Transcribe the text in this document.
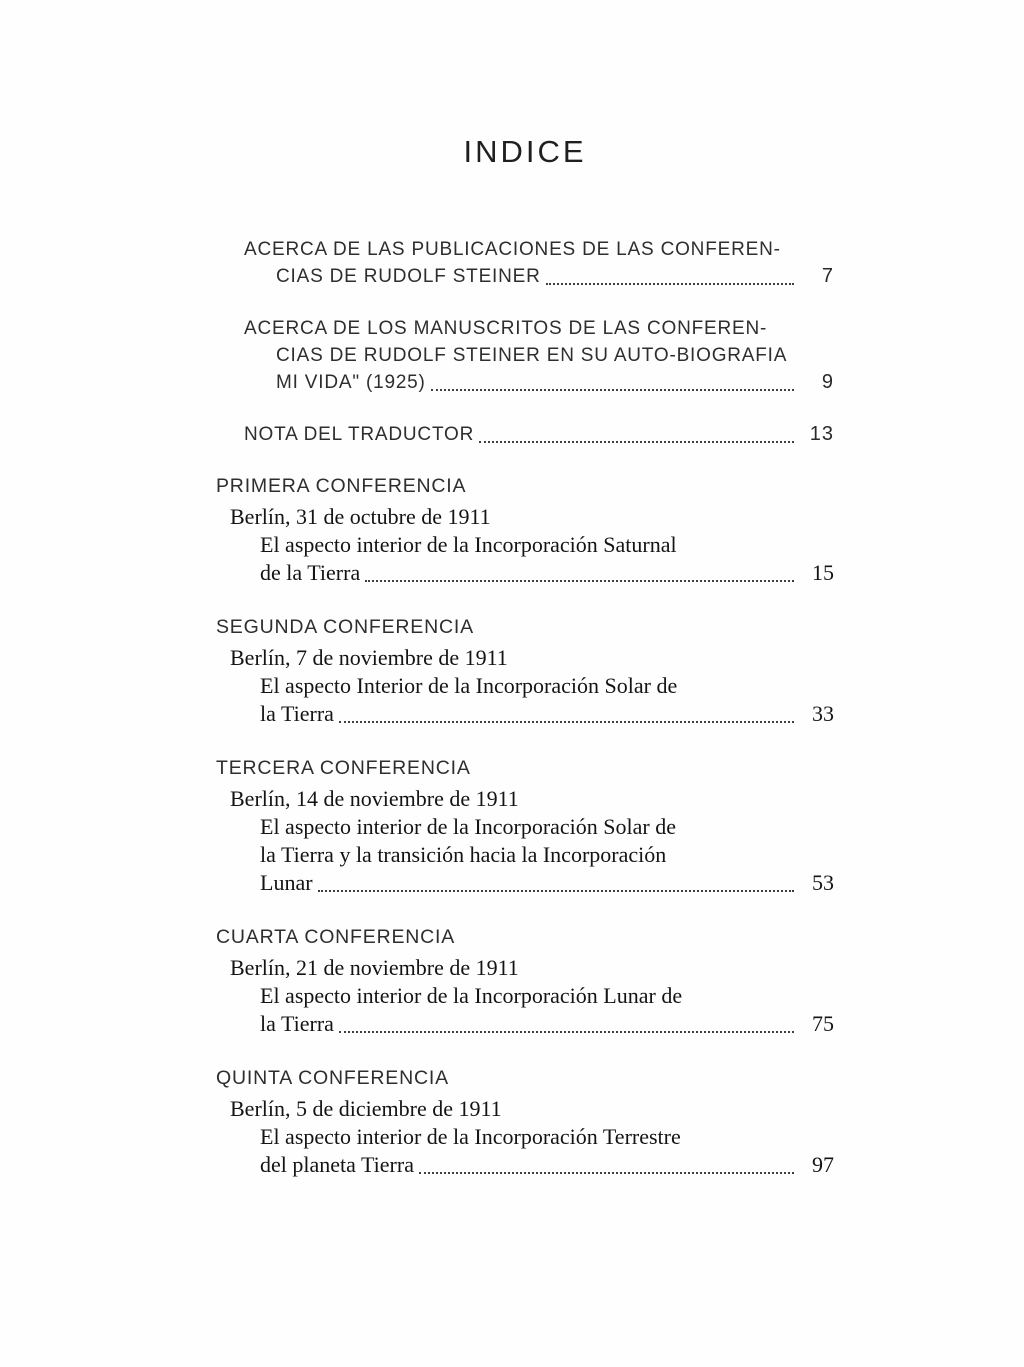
INDICE
ACERCA DE LAS PUBLICACIONES DE LAS CONFEREN-
CIAS DE RUDOLF STEINER	7
ACERCA DE LOS MANUSCRITOS DE LAS CONFEREN-
CIAS DE RUDOLF STEINER EN SU AUTO-BIOGRAFIA
MI VIDA" (1925)	9
NOTA DEL TRADUCTOR	13
PRIMERA CONFERENCIA
Berlín, 31 de octubre de 1911
El aspecto interior de la Incorporación Saturnal
de la Tierra	15
SEGUNDA CONFERENCIA
Berlín, 7 de noviembre de 1911
El aspecto Interior de la Incorporación Solar de
la Tierra	33
TERCERA CONFERENCIA
Berlín, 14 de noviembre de 1911
El aspecto interior de la Incorporación Solar de
la Tierra y la transición hacia la Incorporación
Lunar	53
CUARTA CONFERENCIA
Berlín, 21 de noviembre de 1911
El aspecto interior de la Incorporación Lunar de
la Tierra	75
QUINTA CONFERENCIA
Berlín, 5 de diciembre de 1911
El aspecto interior de la Incorporación Terrestre
del planeta Tierra	97
